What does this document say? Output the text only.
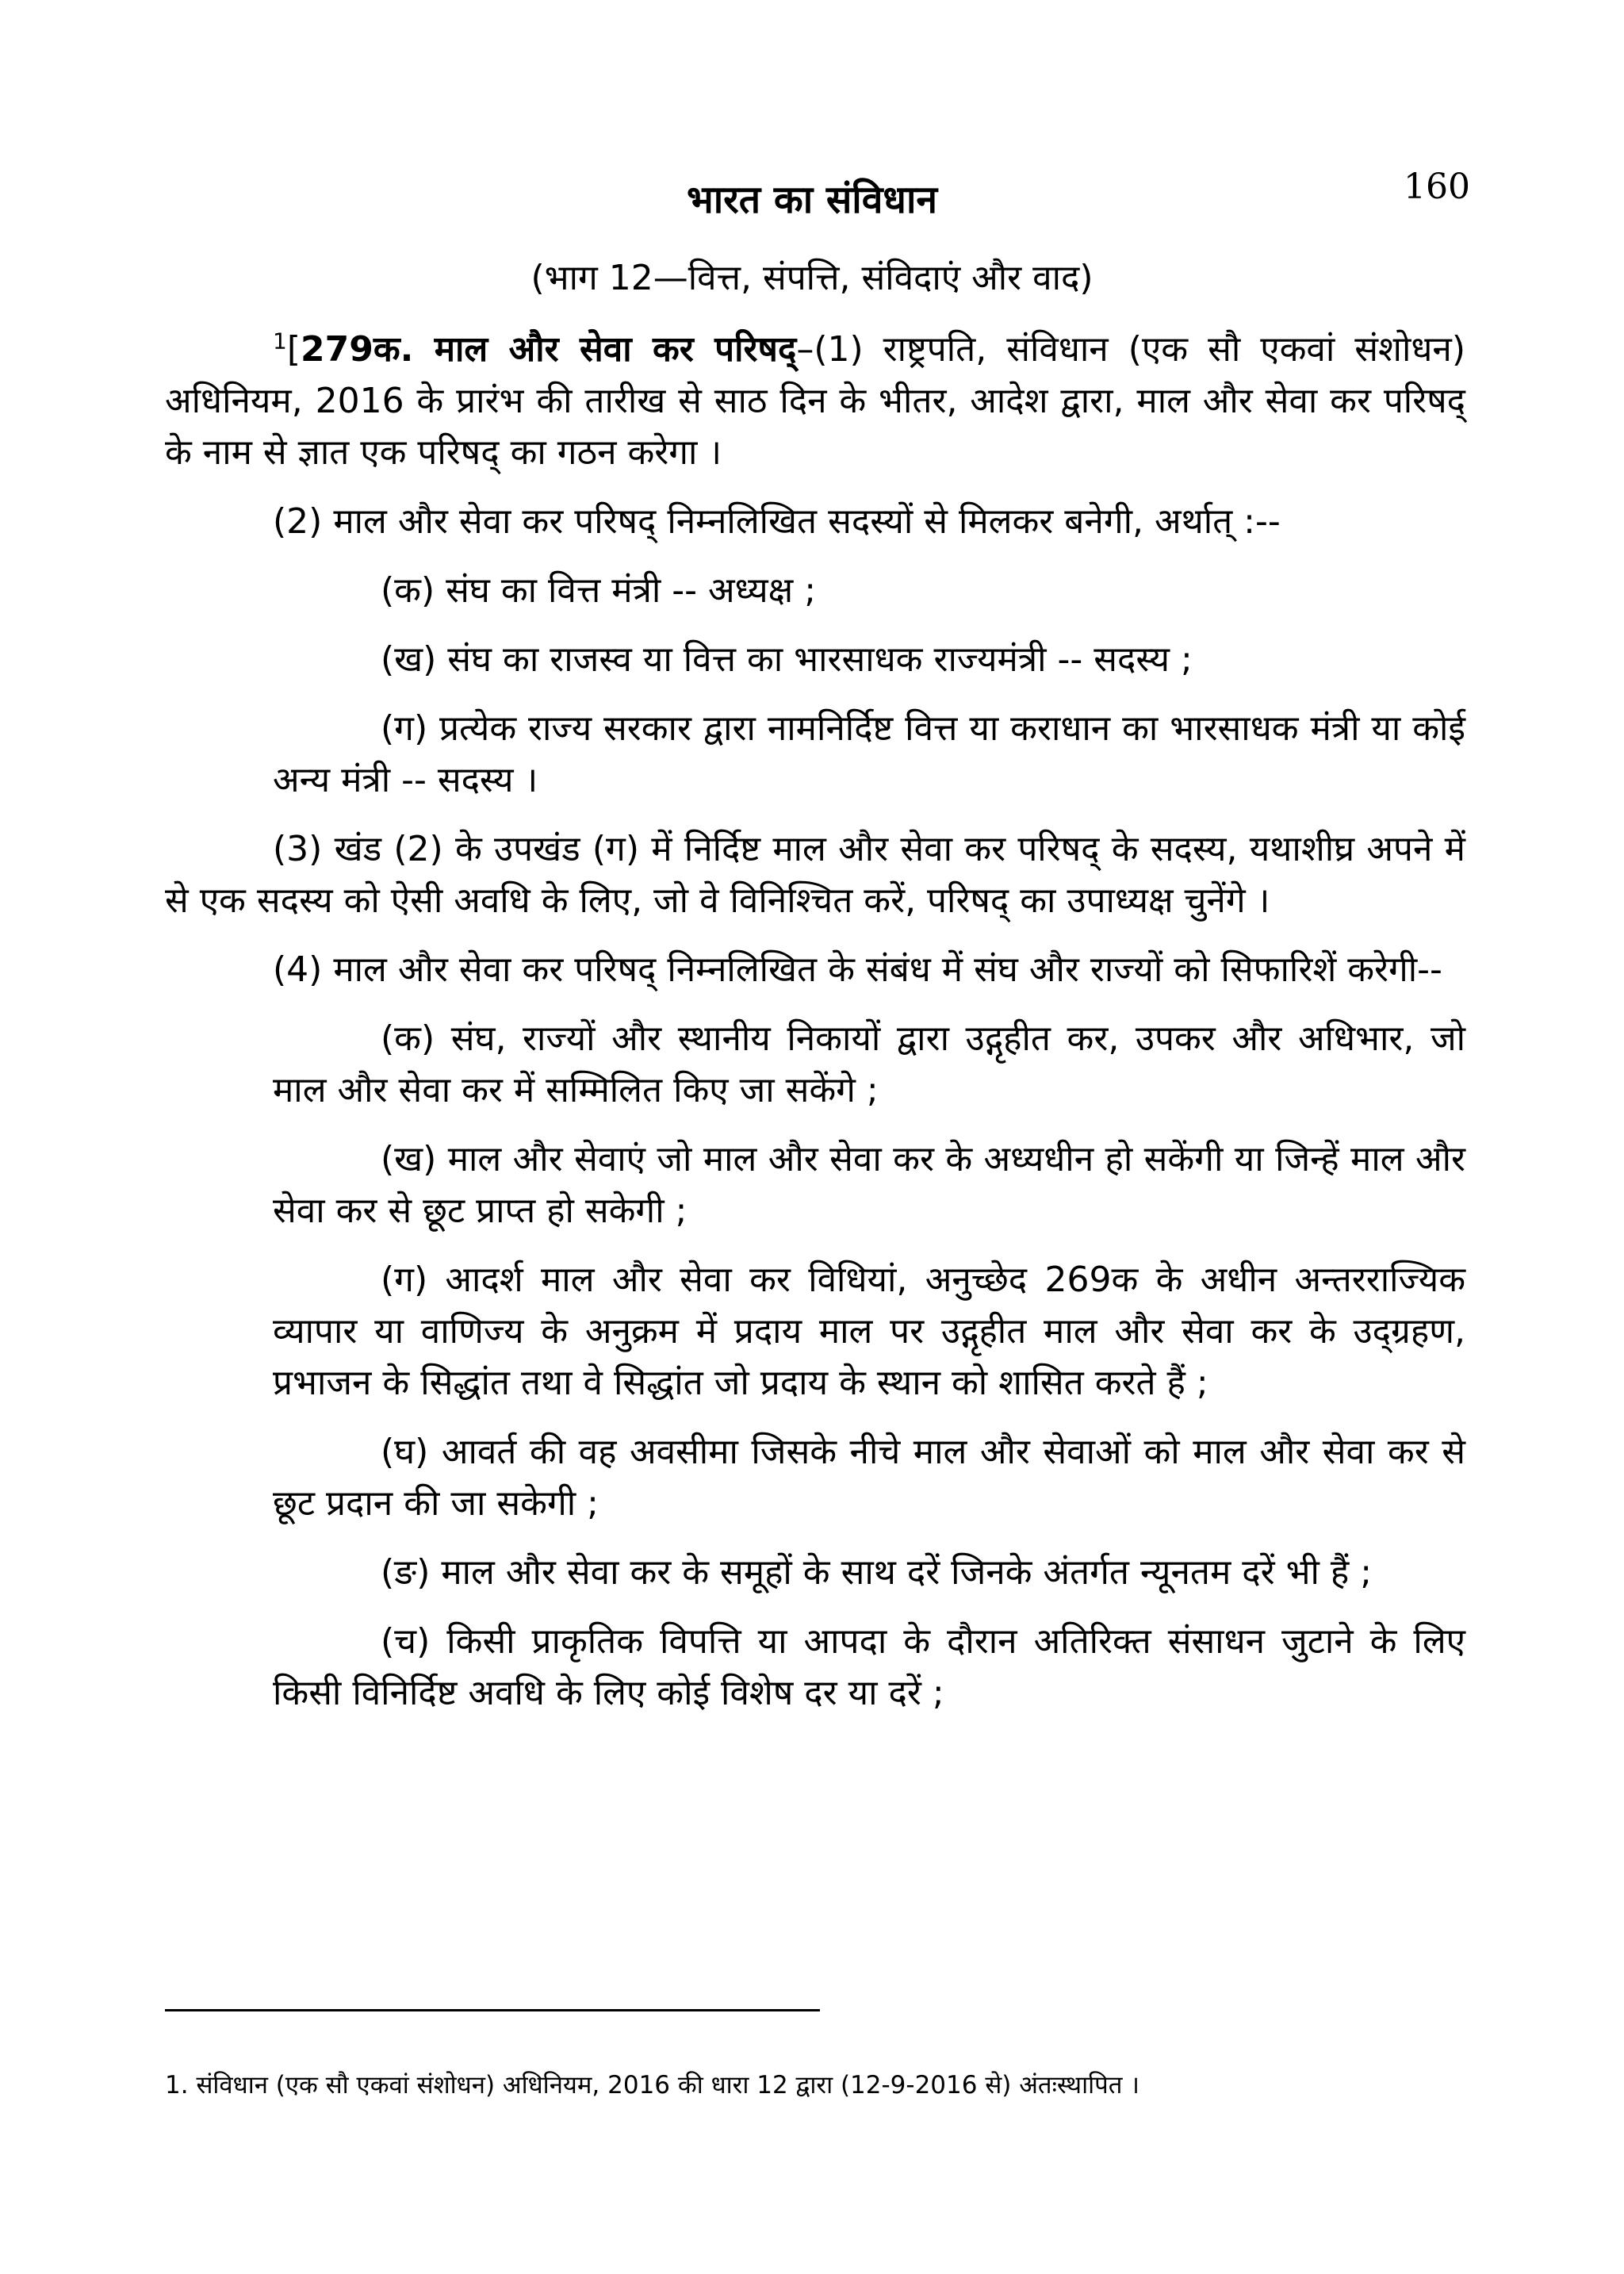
160
भारत का संविधान
(भाग 12—वित्त, संपत्ति, संविदाएं और वाद)

$^1$[279क. माल और सेवा कर परिषद्–(1) राष्ट्रपति, संविधान (एक सौ एकवां संशोधन) अधिनियम, 2016 के प्रारंभ की तारीख से साठ दिन के भीतर, आदेश द्वारा, माल और सेवा कर परिषद् के नाम से ज्ञात एक परिषद् का गठन करेगा ।

(2) माल और सेवा कर परिषद् निम्नलिखित सदस्यों से मिलकर बनेगी, अर्थात् :--

(क) संघ का वित्त मंत्री -- अध्यक्ष ;

(ख) संघ का राजस्व या वित्त का भारसाधक राज्यमंत्री -- सदस्य ;

(ग) प्रत्येक राज्य सरकार द्वारा नामनिर्दिष्ट वित्त या कराधान का भारसाधक मंत्री या कोई अन्य मंत्री -- सदस्य ।

(3) खंड (2) के उपखंड (ग) में निर्दिष्ट माल और सेवा कर परिषद् के सदस्य, यथाशीघ्र अपने में से एक सदस्य को ऐसी अवधि के लिए, जो वे विनिश्चित करें, परिषद् का उपाध्यक्ष चुनेंगे ।

(4) माल और सेवा कर परिषद् निम्नलिखित के संबंध में संघ और राज्यों को सिफारिशें करेगी--

(क) संघ, राज्यों और स्थानीय निकायों द्वारा उद्गृहीत कर, उपकर और अधिभार, जो माल और सेवा कर में सम्मिलित किए जा सकेंगे ;

(ख) माल और सेवाएं जो माल और सेवा कर के अध्यधीन हो सकेंगी या जिन्हें माल और सेवा कर से छूट प्राप्त हो सकेगी ;

(ग) आदर्श माल और सेवा कर विधियां, अनुच्छेद 269क के अधीन अन्तरराज्यिक व्यापार या वाणिज्य के अनुक्रम में प्रदाय माल पर उद्गृहीत माल और सेवा कर के उद्ग्रहण, प्रभाजन के सिद्धांत तथा वे सिद्धांत जो प्रदाय के स्थान को शासित करते हैं ;

(घ) आवर्त की वह अवसीमा जिसके नीचे माल और सेवाओं को माल और सेवा कर से छूट प्रदान की जा सकेगी ;

(ङ) माल और सेवा कर के समूहों के साथ दरें जिनके अंतर्गत न्यूनतम दरें भी हैं ;

(च) किसी प्राकृतिक विपत्ति या आपदा के दौरान अतिरिक्त संसाधन जुटाने के लिए किसी विनिर्दिष्ट अवधि के लिए कोई विशेष दर या दरें ;

1. संविधान (एक सौ एकवां संशोधन) अधिनियम, 2016 की धारा 12 द्वारा (12-9-2016 से) अंतःस्थापित ।
